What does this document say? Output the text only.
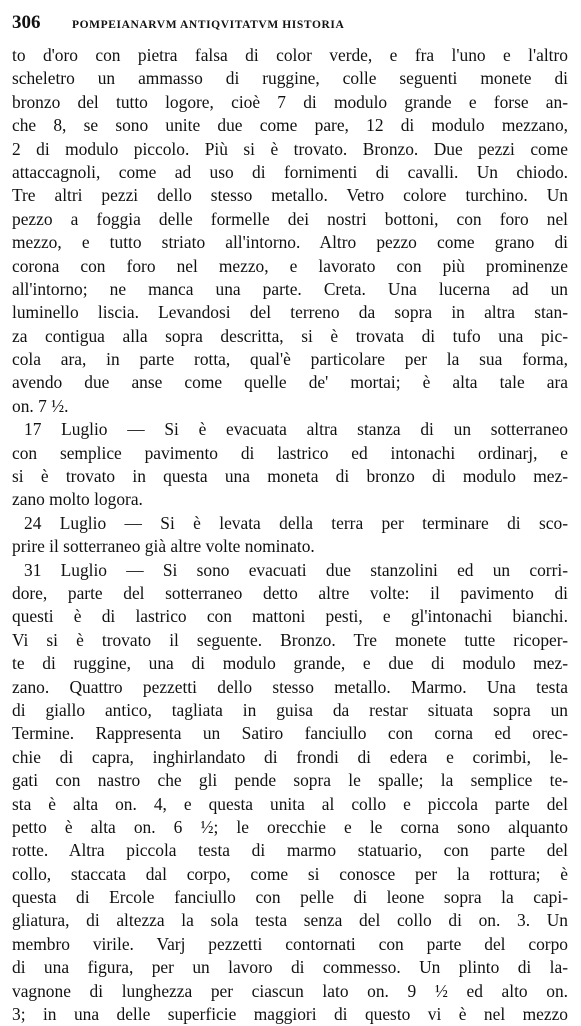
306	POMPEIANARVM ANTIQVITATVM HISTORIA
to d'oro con pietra falsa di color verde, e fra l'uno e l'altro
scheletro un ammasso di ruggine, colle seguenti monete di
bronzo del tutto logore, cioè 7 di modulo grande e forse an-
che 8, se sono unite due come pare, 12 di modulo mezzano,
2 di modulo piccolo. Più si è trovato. Bronzo. Due pezzi come
attaccagnoli, come ad uso di fornimenti di cavalli. Un chiodo.
Tre altri pezzi dello stesso metallo. Vetro colore turchino. Un
pezzo a foggia delle formelle dei nostri bottoni, con foro nel
mezzo, e tutto striato all'intorno. Altro pezzo come grano di
corona con foro nel mezzo, e lavorato con più prominenze
all'intorno; ne manca una parte. Creta. Una lucerna ad un
luminello liscia. Levandosi del terreno da sopra in altra stan-
za contigua alla sopra descritta, si è trovata di tufo una pic-
cola ara, in parte rotta, qual'è particolare per la sua forma,
avendo due anse come quelle de' mortai; è alta tale ara
on. 7 ½.
17 Luglio — Si è evacuata altra stanza di un sotterraneo
con semplice pavimento di lastrico ed intonachi ordinarj, e
si è trovato in questa una moneta di bronzo di modulo mez-
zano molto logora.
24 Luglio — Si è levata della terra per terminare di sco-
prire il sotterraneo già altre volte nominato.
31 Luglio — Si sono evacuati due stanzolini ed un corri-
dore, parte del sotterraneo detto altre volte: il pavimento di
questi è di lastrico con mattoni pesti, e gl'intonachi bianchi.
Vi si è trovato il seguente. Bronzo. Tre monete tutte ricoper-
te di ruggine, una di modulo grande, e due di modulo mez-
zano. Quattro pezzetti dello stesso metallo. Marmo. Una testa
di giallo antico, tagliata in guisa da restar situata sopra un
Termine. Rappresenta un Satiro fanciullo con corna ed orec-
chie di capra, inghirlandato di frondi di edera e corimbi, le-
gati con nastro che gli pende sopra le spalle; la semplice te-
sta è alta on. 4, e questa unita al collo e piccola parte del
petto è alta on. 6 ½; le orecchie e le corna sono alquanto
rotte. Altra piccola testa di marmo statuario, con parte del
collo, staccata dal corpo, come si conosce per la rottura; è
questa di Ercole fanciullo con pelle di leone sopra la capi-
gliatura, di altezza la sola testa senza del collo di on. 3. Un
membro virile. Varj pezzetti contornati con parte del corpo
di una figura, per un lavoro di commesso. Un plinto di la-
vagnone di lunghezza per ciascun lato on. 9 ½ ed alto on.
3; in una delle superficie maggiori di questo vi è nel mezzo
